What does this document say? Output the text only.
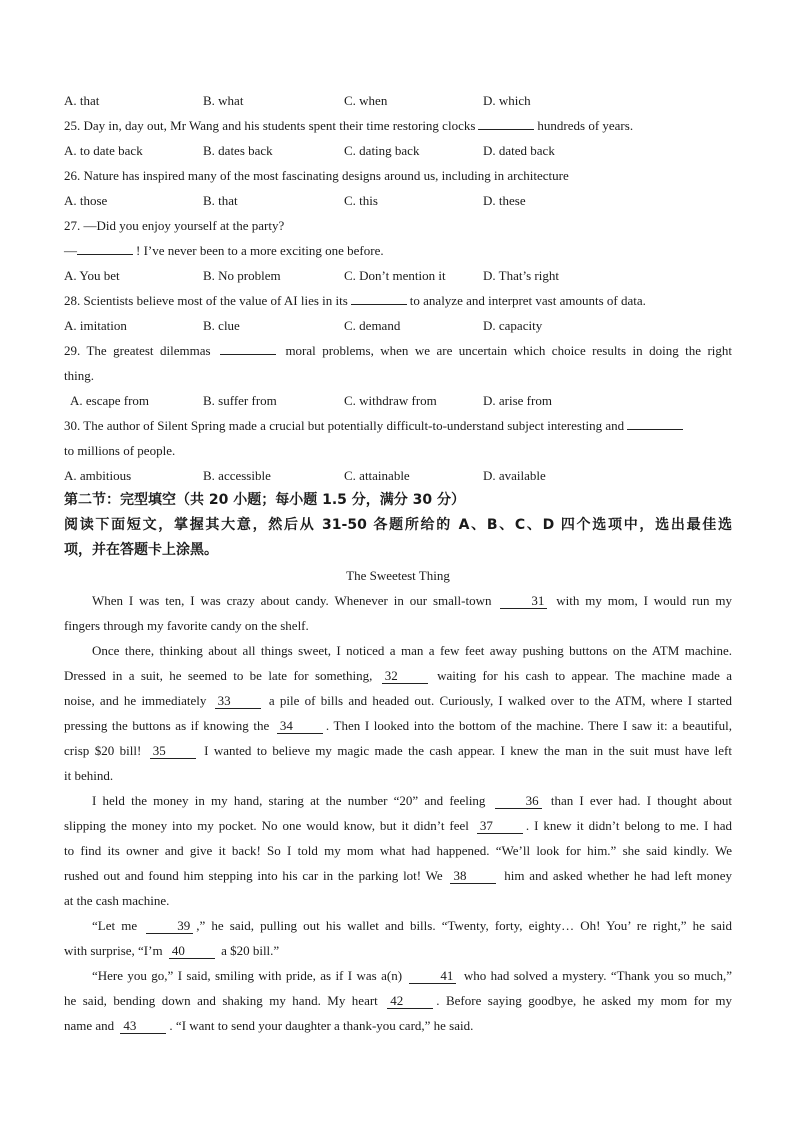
A. that	B. what	C. when	D. which
25. Day in, day out, Mr Wang and his students spent their time restoring clocks	hundreds of years.
A. to date back	B. dates back	C. dating back	D. dated back
26. Nature has inspired many of the most fascinating designs around us, including in architecture
A. those	B. that	C. this	D. these
27. —Did you enjoy yourself at the party?
—	! I’ve never been to a more exciting one before.
A. You bet	B. No problem	C. Don’t mention it	D. That’s right
28. Scientists believe most of the value of AI lies in its	to analyze and interpret vast amounts of data.
A. imitation	B. clue	C. demand	D. capacity
29. The greatest dilemmas	moral problems, when we are uncertain which choice results in doing the right
thing.
A. escape from	B. suffer from	C. withdraw from	D. arise from
30. The author of Silent Spring made a crucial but potentially difficult-to-understand subject interesting and
to millions of people.
A. ambitious	B. accessible	C. attainable	D. available
第二节：完型填空（共 20 小题；每小题 1.5 分，满分 30 分）
阅读下面短文，掌握其大意，然后从 31-50 各题所给的 A、B、C、D 四个选项中，选出最佳选
项，并在答题卡上涂黑。
The Sweetest Thing
When I was ten, I was crazy about candy. Whenever in our small-town	31 with my mom, I would run my
fingers through my favorite candy on the shelf.
Once there, thinking about all things sweet, I noticed a man a few feet away pushing buttons on the ATM machine.
Dressed in a suit, he seemed to be late for something, 32	waiting for his cash to appear. The machine made a
noise, and he immediately 33	a pile of bills and headed out. Curiously, I walked over to the ATM, where I started
pressing the buttons as if knowing the 34	. Then I looked into the bottom of the machine. There I saw it: a beautiful,
crisp $20 bill! 35	I wanted to believe my magic made the cash appear. I knew the man in the suit must have left
it behind.
I held the money in my hand, staring at the number “20” and feeling	36 than I ever had. I thought about
slipping the money into my pocket. No one would know, but it didn’t feel 37	. I knew it didn’t belong to me. I had
to find its owner and give it back! So I told my mom what had happened. “We’ll look for him.” she said kindly. We
rushed out and found him stepping into his car in the parking lot! We 38	him and asked whether he had left money
at the cash machine.
“Let me	39 ,” he said, pulling out his wallet and bills. “Twenty, forty, eighty… Oh! You’ re right,” he said
with surprise, “I’m 40	a $20 bill.”
“Here you go,” I said, smiling with pride, as if I was a(n)	41 who had solved a mystery. “Thank you so much,”
he said, bending down and shaking my hand. My heart 42	. Before saying goodbye, he asked my mom for my
name and 43	. “I want to send your daughter a thank-you card,” he said.
